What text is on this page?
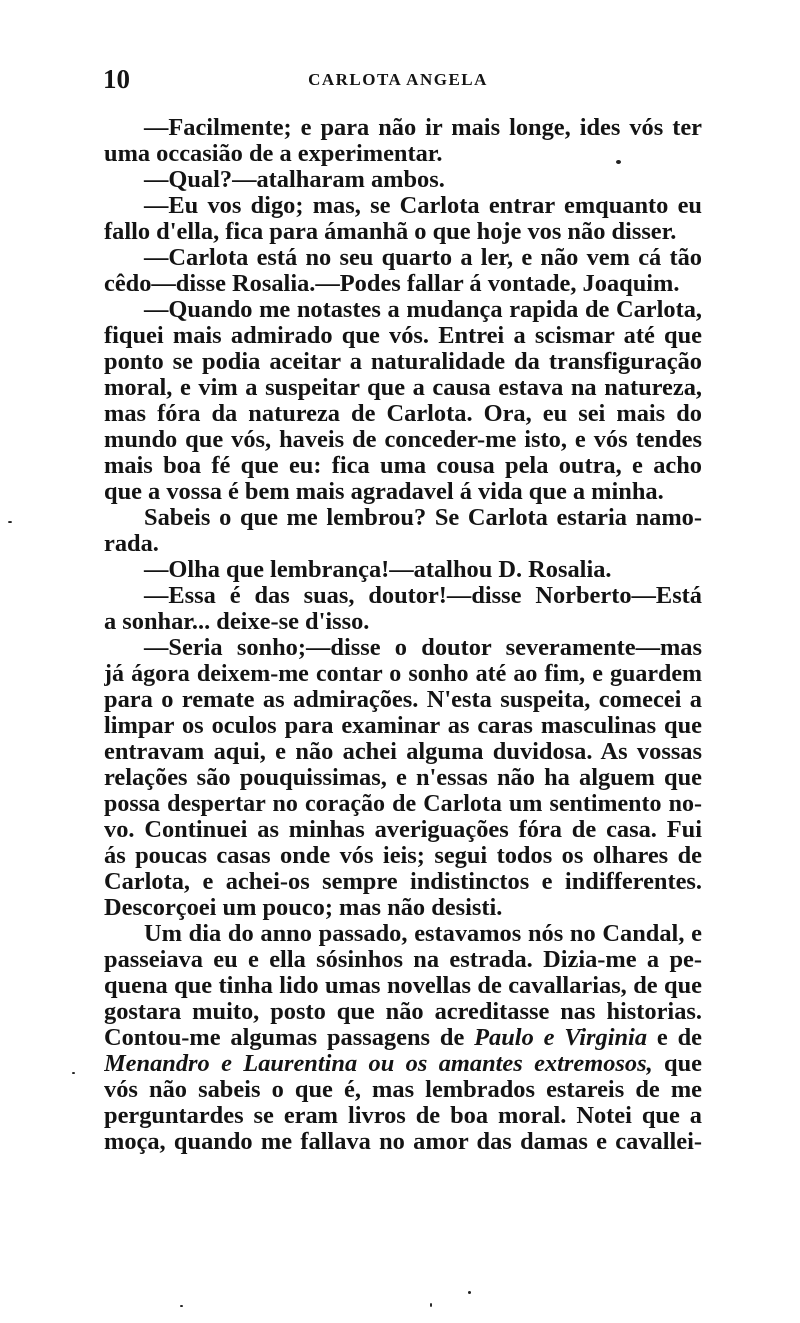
10	CARLOTA ANGELA
—Facilmente; e para não ir mais longe, ides vós ter
uma occasião de a experimentar.
—Qual?—atalharam ambos.
—Eu vos digo; mas, se Carlota entrar emquanto eu
fallo d'ella, fica para ámanhã o que hoje vos não disser.
—Carlota está no seu quarto a ler, e não vem cá tão
cêdo—disse Rosalia.—Podes fallar á vontade, Joaquim.
—Quando me notastes a mudança rapida de Carlota,
fiquei mais admirado que vós. Entrei a scismar até que
ponto se podia aceitar a naturalidade da transfiguração
moral, e vim a suspeitar que a causa estava na natureza,
mas fóra da natureza de Carlota. Ora, eu sei mais do
mundo que vós, haveis de conceder-me isto, e vós tendes
mais boa fé que eu: fica uma cousa pela outra, e acho
que a vossa é bem mais agradavel á vida que a minha.
Sabeis o que me lembrou? Se Carlota estaria namo-
rada.
—Olha que lembrança!—atalhou D. Rosalia.
—Essa é das suas, doutor!—disse Norberto—Está
a sonhar... deixe-se d'isso.
—Seria sonho;—disse o doutor severamente—mas
já ágora deixem-me contar o sonho até ao fim, e guardem
para o remate as admirações. N'esta suspeita, comecei a
limpar os oculos para examinar as caras masculinas que
entravam aqui, e não achei alguma duvidosa. As vossas
relações são pouquissimas, e n'essas não ha alguem que
possa despertar no coração de Carlota um sentimento no-
vo. Continuei as minhas averiguações fóra de casa. Fui
ás poucas casas onde vós ieis; segui todos os olhares de
Carlota, e achei-os sempre indistinctos e indifferentes.
Descorçoei um pouco; mas não desisti.
Um dia do anno passado, estavamos nós no Candal, e
passeiava eu e ella sósinhos na estrada. Dizia-me a pe-
quena que tinha lido umas novellas de cavallarias, de que
gostara muito, posto que não acreditasse nas historias.
Contou-me algumas passagens de Paulo e Virginia e de
Menandro e Laurentina ou os amantes extremosos, que
vós não sabeis o que é, mas lembrados estareis de me
perguntardes se eram livros de boa moral. Notei que a
moça, quando me fallava no amor das damas e cavallei-
